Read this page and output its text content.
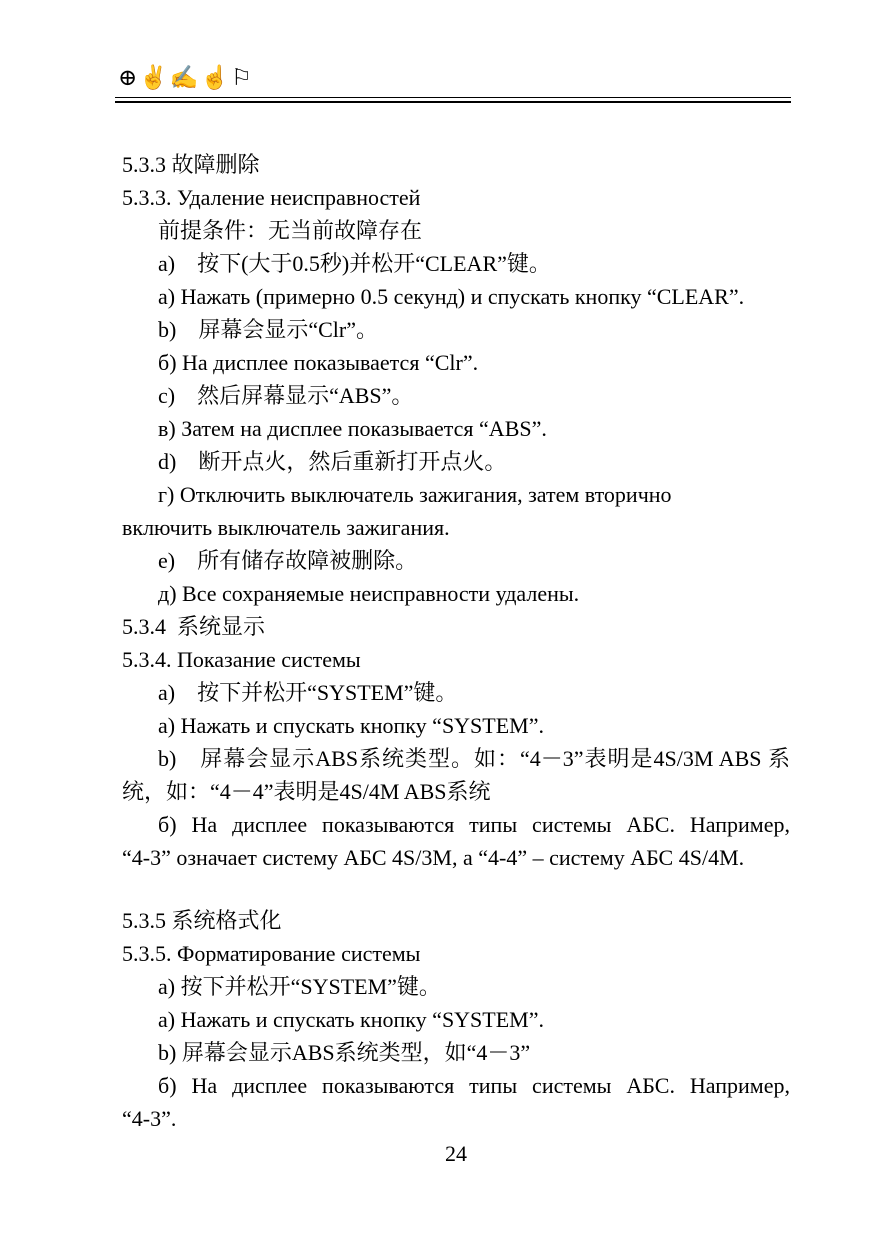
⊕✌✍☝⚐
5.3.3 故障删除
5.3.3. Удаление неисправностей
前提条件：无当前故障存在
a)　按下(大于0.5秒)并松开“CLEAR”键。
а) Нажать (примерно 0.5 секунд) и спускать кнопку “CLEAR”.
b)　屏幕会显示“Clr”。
б) На дисплее показывается “Clr”.
c)　然后屏幕显示“ABS”。
в) Затем на дисплее показывается “ABS”.
d)　断开点火，然后重新打开点火。
г) Отключить выключатель зажигания, затем вторично
включить выключатель зажигания.
e)　所有储存故障被删除。
д) Все сохраняемые неисправности удалены.
5.3.4  系统显示
5.3.4. Показание системы
a)　按下并松开“SYSTEM”键。
а) Нажать и спускать кнопку “SYSTEM”.
b)　屏幕会显示ABS系统类型。如：“4－3”表明是4S/3M ABS 系
统，如：“4－4”表明是4S/4M ABS系统
б) На дисплее показываются типы системы АБС. Например,
“4-3” означает систему АБС 4S/3M, а “4-4” – систему АБС 4S/4M.
5.3.5 系统格式化
5.3.5. Форматирование системы
a) 按下并松开“SYSTEM”键。
a) Нажать и спускать кнопку “SYSTEM”.
b) 屏幕会显示ABS系统类型，如“4－3”
б) На дисплее показываются типы системы АБС. Например,
“4-3”.
24
